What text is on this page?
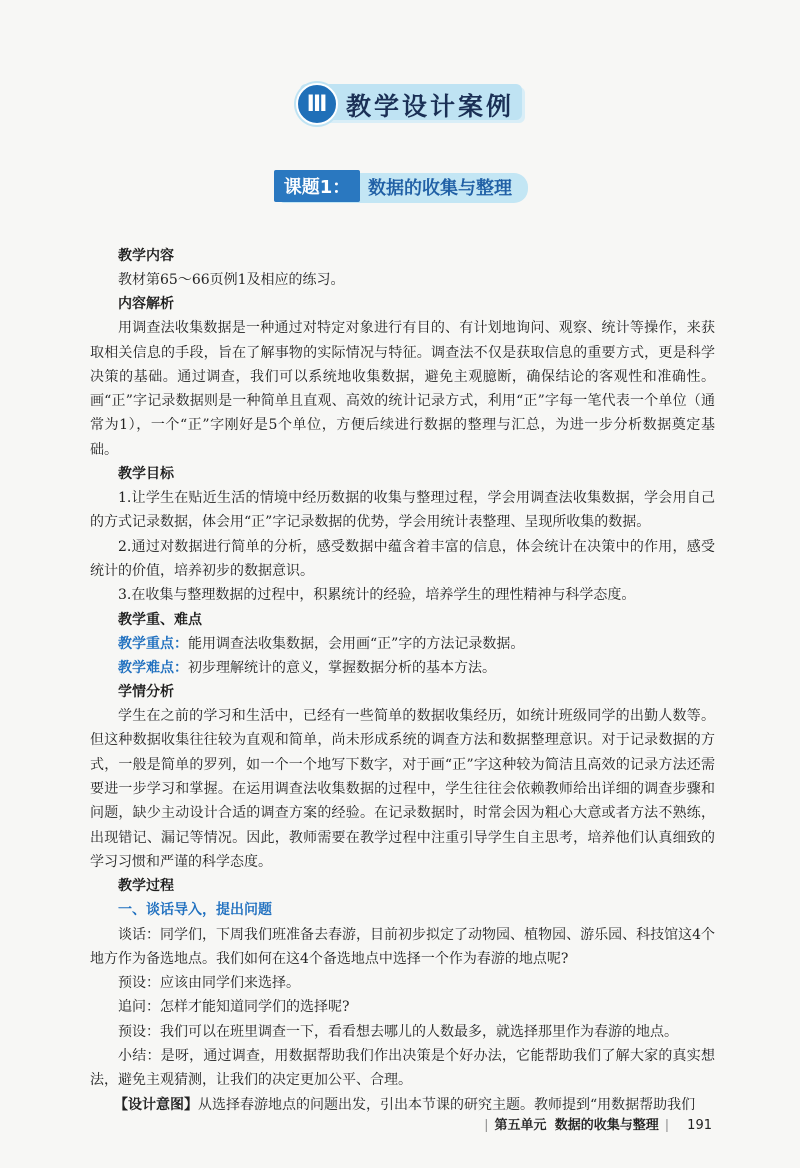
Ⅲ 教学设计案例
课题1： 数据的收集与整理
教学内容

教材第65～66页例1及相应的练习。

内容解析

用调查法收集数据是一种通过对特定对象进行有目的、有计划地询问、观察、统计等操作，来获取相关信息的手段，旨在了解事物的实际情况与特征。调查法不仅是获取信息的重要方式，更是科学决策的基础。通过调查，我们可以系统地收集数据，避免主观臆断，确保结论的客观性和准确性。画“正”字记录数据则是一种简单且直观、高效的统计记录方式，利用“正”字每一笔代表一个单位（通常为1），一个“正”字刚好是5个单位，方便后续进行数据的整理与汇总，为进一步分析数据奠定基础。

教学目标

1.让学生在贴近生活的情境中经历数据的收集与整理过程，学会用调查法收集数据，学会用自己的方式记录数据，体会用“正”字记录数据的优势，学会用统计表整理、呈现所收集的数据。

2.通过对数据进行简单的分析，感受数据中蕴含着丰富的信息，体会统计在决策中的作用，感受统计的价值，培养初步的数据意识。

3.在收集与整理数据的过程中，积累统计的经验，培养学生的理性精神与科学态度。

教学重、难点
教学重点：能用调查法收集数据，会用画“正”字的方法记录数据。
教学难点：初步理解统计的意义，掌握数据分析的基本方法。
学情分析

学生在之前的学习和生活中，已经有一些简单的数据收集经历，如统计班级同学的出勤人数等。但这种数据收集往往较为直观和简单，尚未形成系统的调查方法和数据整理意识。对于记录数据的方式，一般是简单的罗列，如一个一个地写下数字，对于画“正”字这种较为简洁且高效的记录方法还需要进一步学习和掌握。在运用调查法收集数据的过程中，学生往往会依赖教师给出详细的调查步骤和问题，缺少主动设计合适的调查方案的经验。在记录数据时，时常会因为粗心大意或者方法不熟练，出现错记、漏记等情况。因此，教师需要在教学过程中注重引导学生自主思考，培养他们认真细致的学习习惯和严谨的科学态度。

教学过程
一、谈话导入，提出问题

谈话：同学们，下周我们班准备去春游，目前初步拟定了动物园、植物园、游乐园、科技馆这4个地方作为备选地点。我们如何在这4个备选地点中选择一个作为春游的地点呢?

预设：应该由同学们来选择。

追问：怎样才能知道同学们的选择呢?

预设：我们可以在班里调查一下，看看想去哪儿的人数最多，就选择那里作为春游的地点。

小结：是呀，通过调查，用数据帮助我们作出决策是个好办法，它能帮助我们了解大家的真实想法，避免主观猜测，让我们的决定更加公平、合理。

【设计意图】从选择春游地点的问题出发，引出本节课的研究主题。教师提到“用数据帮助我们
| 第五单元 数据的收集与整理 | 191
